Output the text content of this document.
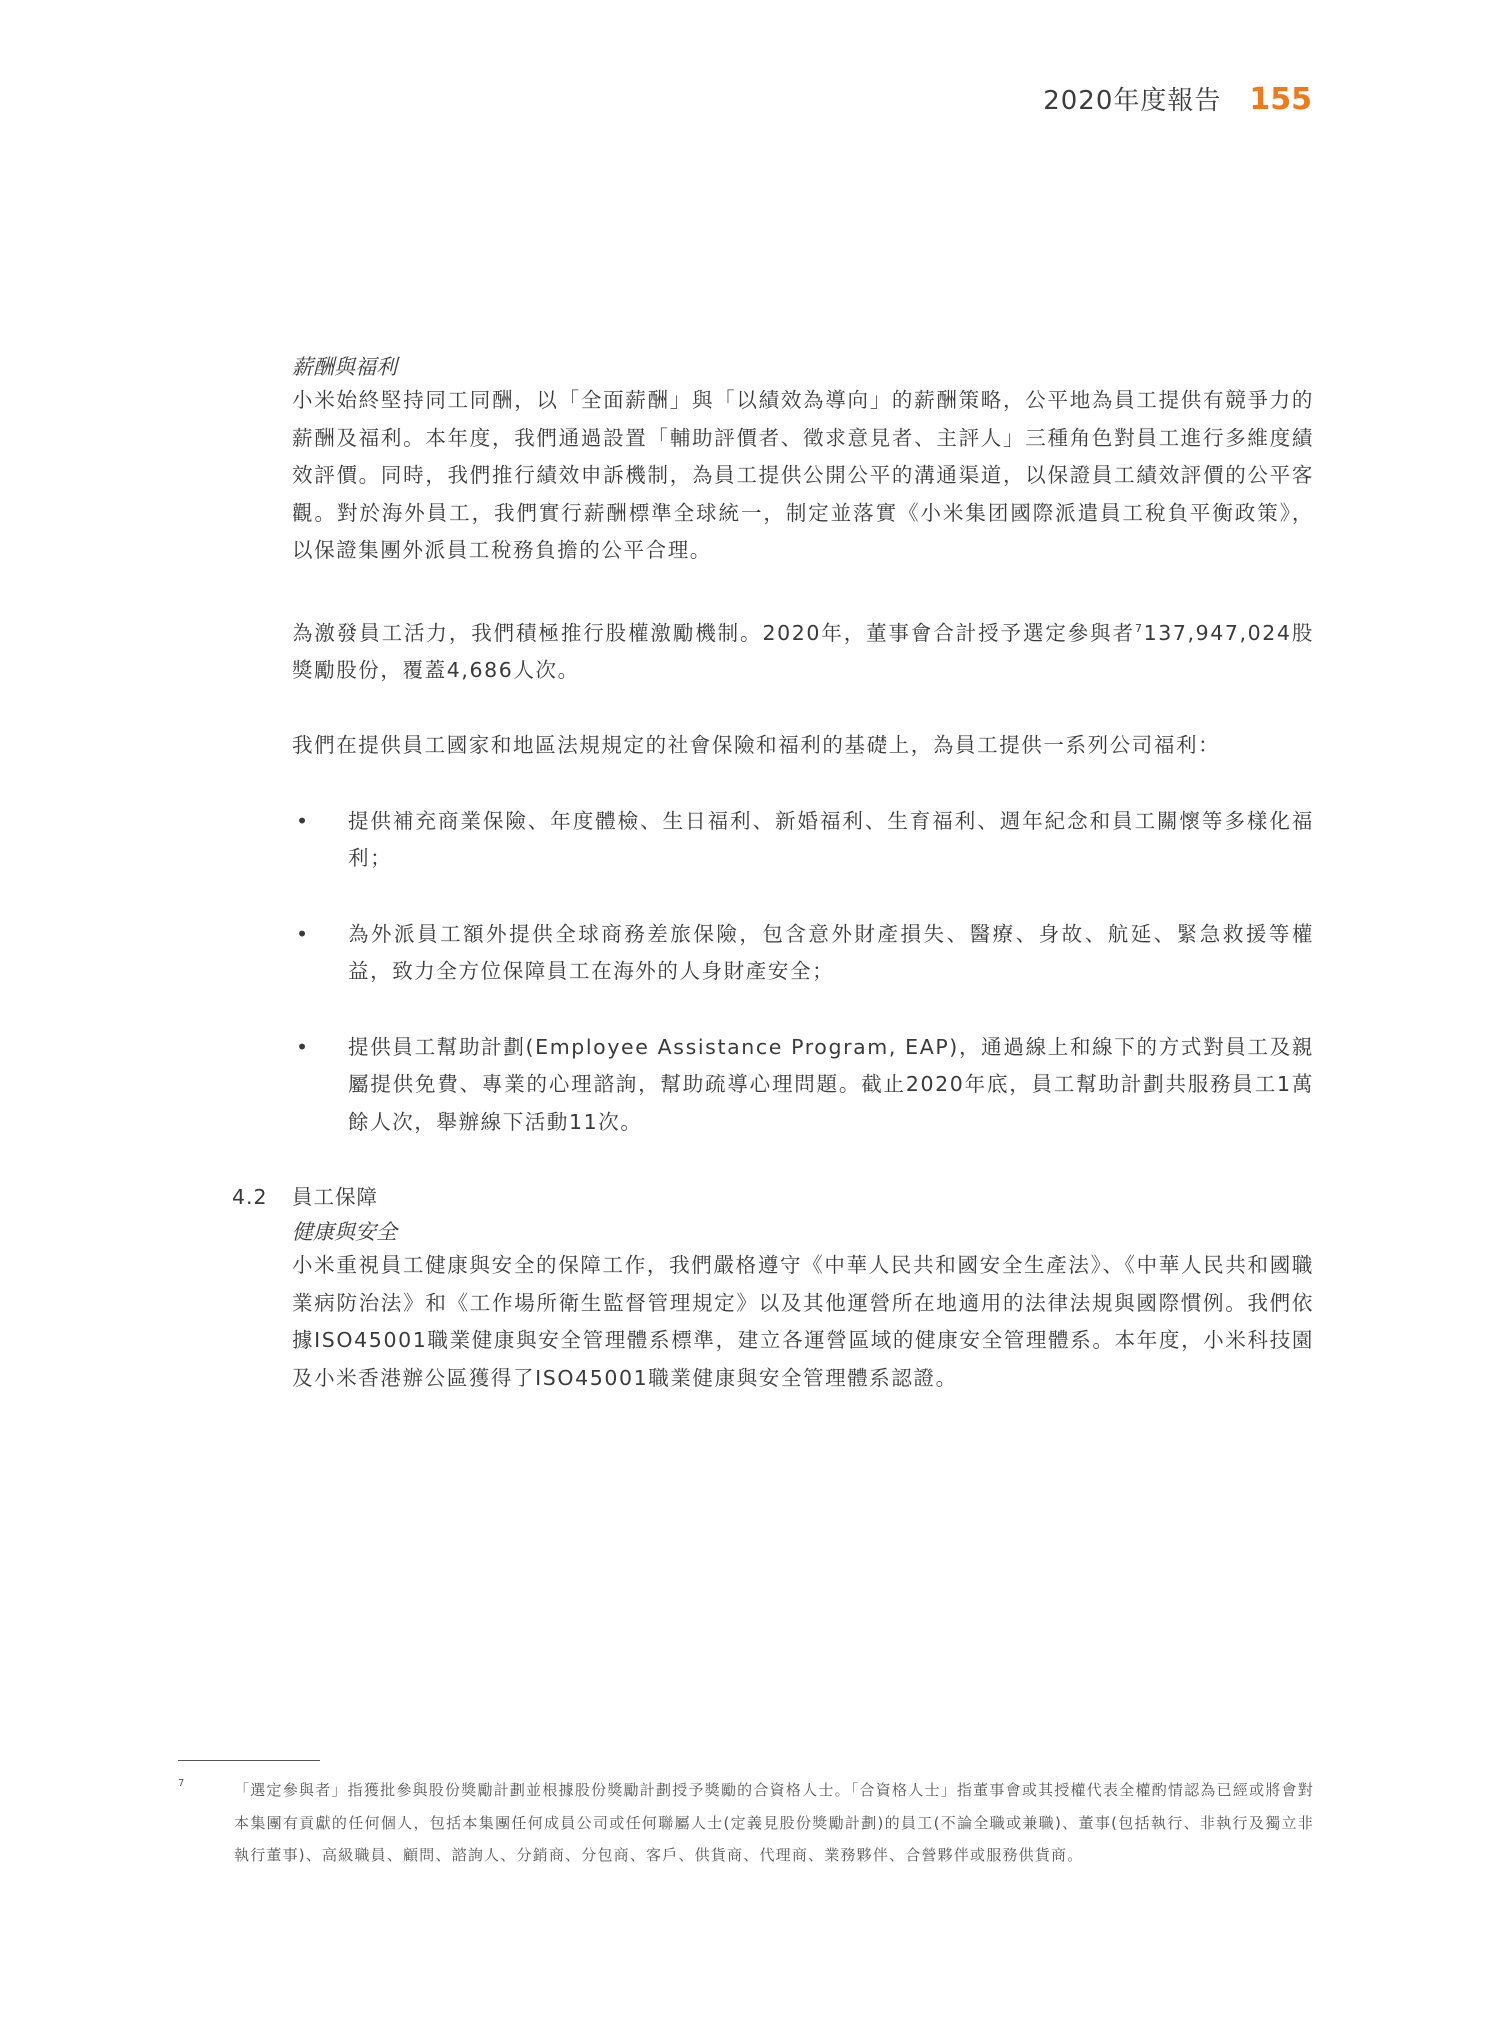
2020年度報告 155

薪酬與福利

小米始終堅持同工同酬，以「全面薪酬」與「以績效為導向」的薪酬策略，公平地為員工提供有競爭力的薪酬及福利。本年度，我們通過設置「輔助評價者、徵求意見者、主評人」三種角色對員工進行多維度績效評價。同時，我們推行績效申訴機制，為員工提供公開公平的溝通渠道，以保證員工績效評價的公平客觀。對於海外員工，我們實行薪酬標準全球統一，制定並落實《小米集团國際派遣員工稅負平衡政策》，以保證集團外派員工稅務負擔的公平合理。

為激發員工活力，我們積極推行股權激勵機制。2020年，董事會合計授予選定參與者$^7$137,947,024股獎勵股份，覆蓋4,686人次。

我們在提供員工國家和地區法規規定的社會保險和福利的基礎上，為員工提供一系列公司福利：

• 提供補充商業保險、年度體檢、生日福利、新婚福利、生育福利、週年紀念和員工關懷等多樣化福利；
• 為外派員工額外提供全球商務差旅保險，包含意外財產損失、醫療、身故、航延、緊急救援等權益，致力全方位保障員工在海外的人身財產安全；
• 提供員工幫助計劃(Employee Assistance Program, EAP)，通過線上和線下的方式對員工及親屬提供免費、專業的心理諮詢，幫助疏導心理問題。截止2020年底，員工幫助計劃共服務員工1萬餘人次，舉辦線下活動11次。
4.2	員工保障

健康與安全

小米重視員工健康與安全的保障工作，我們嚴格遵守《中華人民共和國安全生產法》、《中華人民共和國職業病防治法》和《工作場所衛生監督管理規定》以及其他運營所在地適用的法律法規與國際慣例。我們依據ISO45001職業健康與安全管理體系標準，建立各運營區域的健康安全管理體系。本年度，小米科技園及小米香港辦公區獲得了ISO45001職業健康與安全管理體系認證。

7	「選定參與者」指獲批參與股份獎勵計劃並根據股份獎勵計劃授予獎勵的合資格人士。「合資格人士」指董事會或其授權代表全權酌情認為已經或將會對本集團有貢獻的任何個人，包括本集團任何成員公司或任何聯屬人士(定義見股份獎勵計劃)的員工(不論全職或兼職)、董事(包括執行、非執行及獨立非執行董事)、高級職員、顧問、諮詢人、分銷商、分包商、客戶、供貨商、代理商、業務夥伴、合營夥伴或服務供貨商。
